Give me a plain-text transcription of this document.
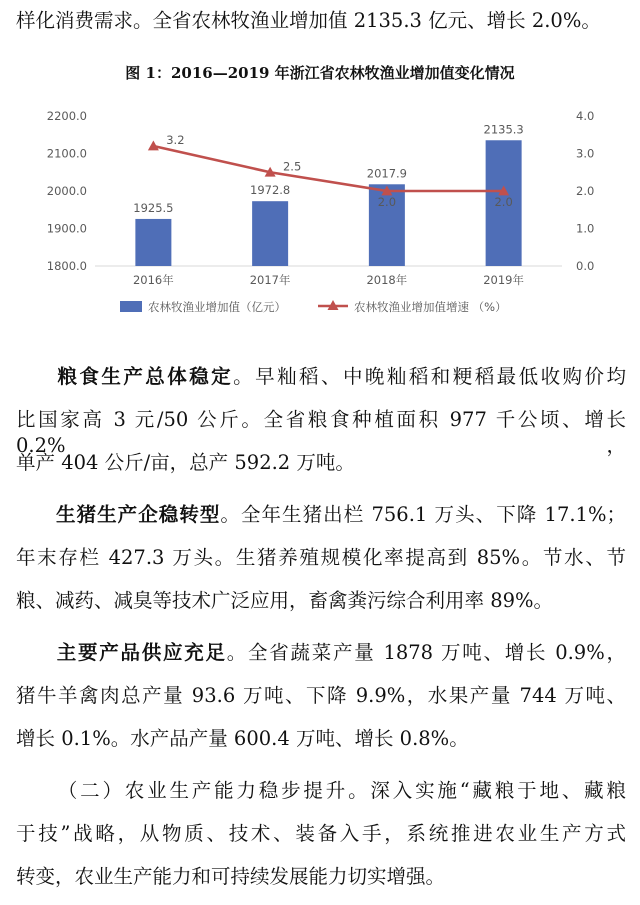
样化消费需求。全省农林牧渔业增加值 2135.3 亿元、增长 2.0%。
图 1：2016—2019 年浙江省农林牧渔业增加值变化情况
2200.0
2100.0
2000.0
1900.0
1800.0
4.0
3.0
2.0
1.0
0.0
2016年	2017年	2018年	2019年
1925.5
1972.8
2017.9
2135.3
3.2
2.5
2.0	2.0
农林牧渔业增加值（亿元）	农林牧渔业增加值增速 （%）
粮食生产总体稳定。早籼稻、中晚籼稻和粳稻最低收购价均
比国家高 3 元/50 公斤。全省粮食种植面积 977 千公顷、增长 0.2%，
单产 404 公斤/亩，总产 592.2 万吨。
生猪生产企稳转型。全年生猪出栏 756.1 万头、下降 17.1%；
年末存栏 427.3 万头。生猪养殖规模化率提高到 85%。节水、节
粮、减药、减臭等技术广泛应用，畜禽粪污综合利用率 89%。
主要产品供应充足。全省蔬菜产量 1878 万吨、增长 0.9%，
猪牛羊禽肉总产量 93.6 万吨、下降 9.9%，水果产量 744 万吨、
增长 0.1%。水产品产量 600.4 万吨、增长 0.8%。
（二）农业生产能力稳步提升。深入实施“藏粮于地、藏粮
于技”战略，从物质、技术、装备入手，系统推进农业生产方式
转变，农业生产能力和可持续发展能力切实增强。
